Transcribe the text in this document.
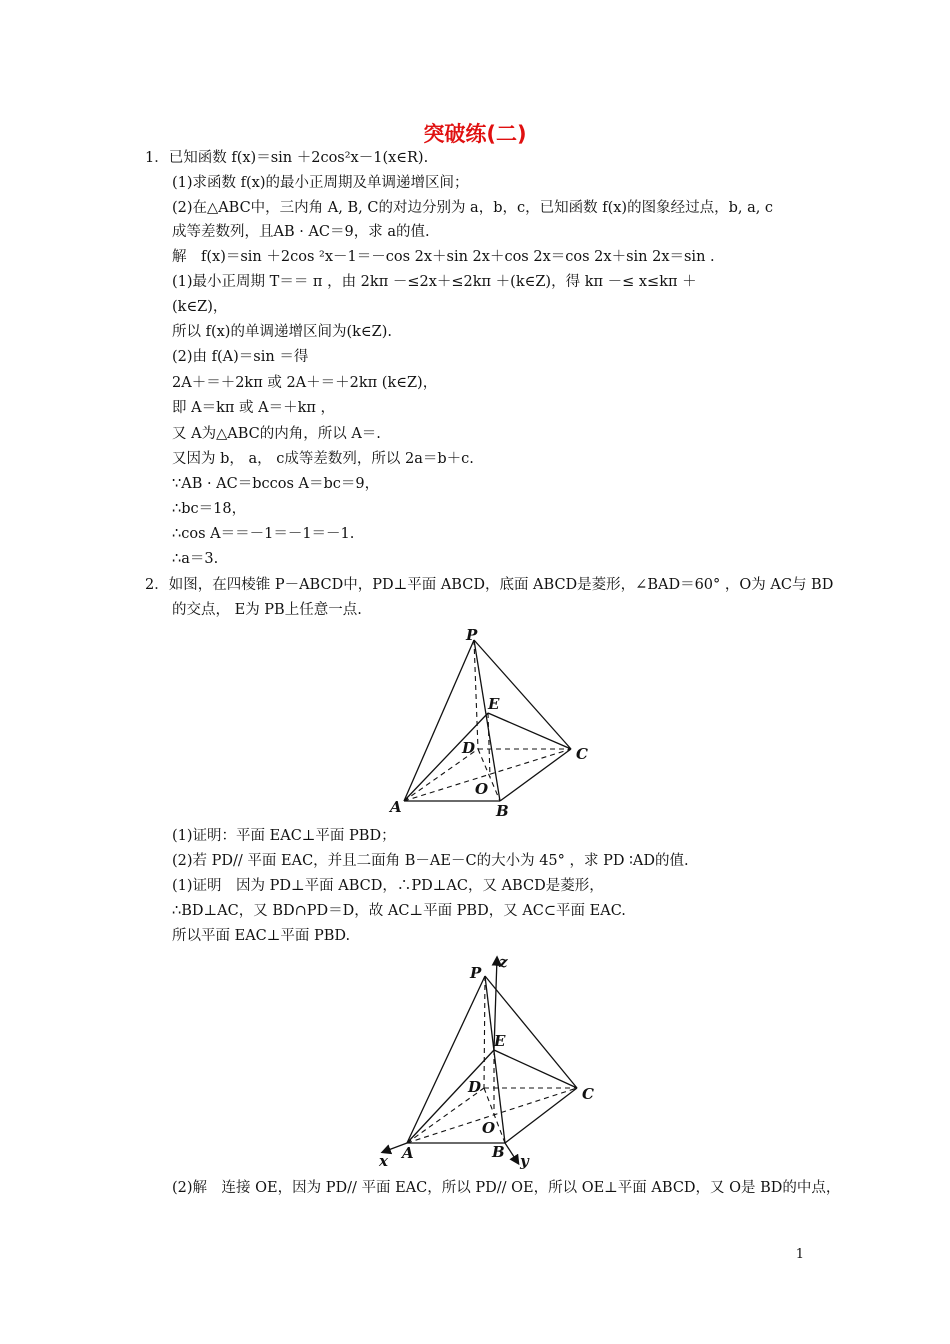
突破练(二)
1．已知函数 f(x)＝sin ＋2cos²x－1(x∈R).
(1)求函数 f(x)的最小正周期及单调递增区间；
(2)在△ABC中，三内角 A, B, C的对边分别为 a，b，c，已知函数 f(x)的图象经过点，b, a, c
成等差数列，且AB · AC＝9，求 a的值.
解　f(x)＝sin ＋2cos ²x－1＝－cos 2x＋sin 2x＋cos 2x＝cos 2x＋sin 2x＝sin .
(1)最小正周期 T＝＝ π ，由 2kπ －≤2x＋≤2kπ ＋(k∈Z)，得 kπ －≤ x≤kπ ＋
(k∈Z)，
所以 f(x)的单调递增区间为(k∈Z).
(2)由 f(A)＝sin ＝得
2A＋＝＋2kπ 或 2A＋＝＋2kπ (k∈Z)，
即 A＝kπ 或 A＝＋kπ ，
又 A为△ABC的内角，所以 A＝.
又因为 b， a， c成等差数列，所以 2a＝b＋c.
∵AB · AC＝bccos A＝bc＝9，
∴bc＝18，
∴cos A＝＝－1＝－1＝－1.
∴a＝3.
2．如图，在四棱锥 P－ABCD中，PD⊥平面 ABCD，底面 ABCD是菱形，∠BAD＝60° ，O为 AC与 BD
的交点， E为 PB上任意一点.
P
E
D	C
O
A	B
(1)证明：平面 EAC⊥平面 PBD；
(2)若 PD// 平面 EAC，并且二面角 B－AE－C的大小为 45° ，求 PD ∶AD的值.
(1)证明　因为 PD⊥平面 ABCD，∴PD⊥AC，又 ABCD是菱形，
∴BD⊥AC，又 BD∩PD＝D，故 AC⊥平面 PBD，又 AC⊂平面 EAC.
所以平面 EAC⊥平面 PBD.
P
z
E
D	C
O
A	B
x	y
(2)解　连接 OE，因为 PD// 平面 EAC，所以 PD// OE，所以 OE⊥平面 ABCD，又 O是 BD的中点，
1
